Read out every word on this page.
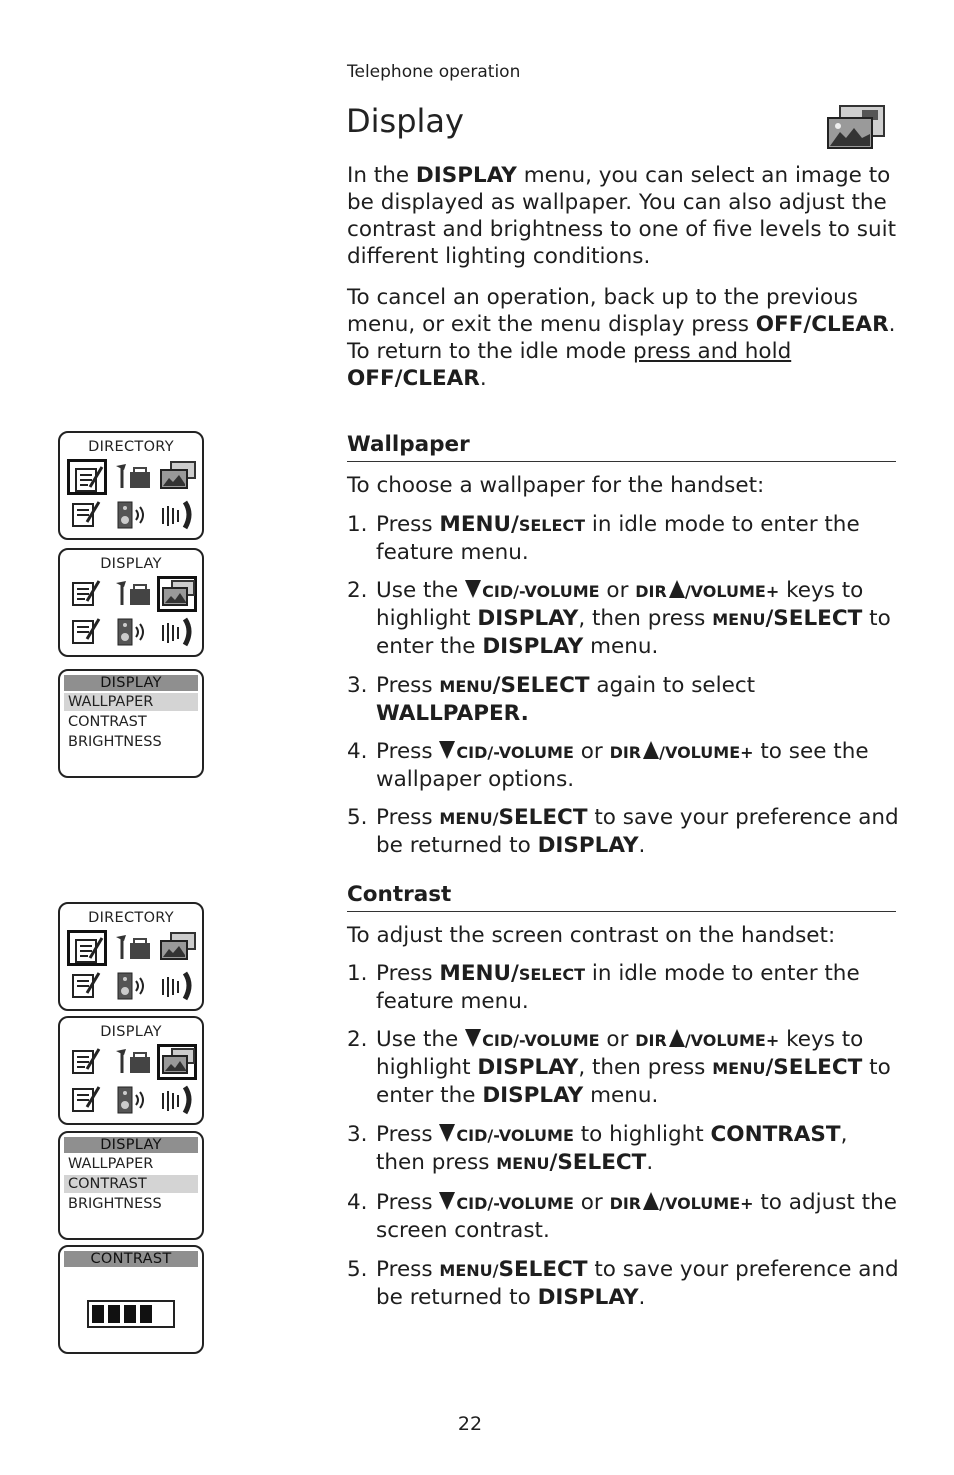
Telephone operation
Display
In the DISPLAY menu, you can select an image to be displayed as wallpaper. You can also adjust the contrast and brightness to one of five levels to suit different lighting conditions.
To cancel an operation, back up to the previous menu, or exit the menu display press OFF/CLEAR. To return to the idle mode press and hold
OFF/CLEAR.
Wallpaper
To choose a wallpaper for the handset:
1. Press MENU/SELECT in idle mode to enter the feature menu.
2. Use the CID/-VOLUME or DIR /VOLUME+ keys to highlight DISPLAY, then press MENU/SELECT to enter the DISPLAY menu.
3. Press MENU/SELECT again to select WALLPAPER.
4. Press CID/-VOLUME or DIR /VOLUME+ to see the wallpaper options.
5. Press MENU/SELECT to save your preference and be returned to DISPLAY.
Contrast
To adjust the screen contrast on the handset:
1. Press MENU/SELECT in idle mode to enter the feature menu.
2. Use the CID/-VOLUME or DIR /VOLUME+ keys to highlight DISPLAY, then press MENU/SELECT to enter the DISPLAY menu.
3. Press CID/-VOLUME to highlight CONTRAST, then press MENU/SELECT.
4. Press CID/-VOLUME or DIR /VOLUME+ to adjust the screen contrast.
5. Press MENU/SELECT to save your preference and be returned to DISPLAY.
DIRECTORY
DISPLAY
DISPLAY
WALLPAPER
CONTRAST
BRIGHTNESS
DIRECTORY
DISPLAY
DISPLAY
WALLPAPER
CONTRAST
BRIGHTNESS
CONTRAST
22
